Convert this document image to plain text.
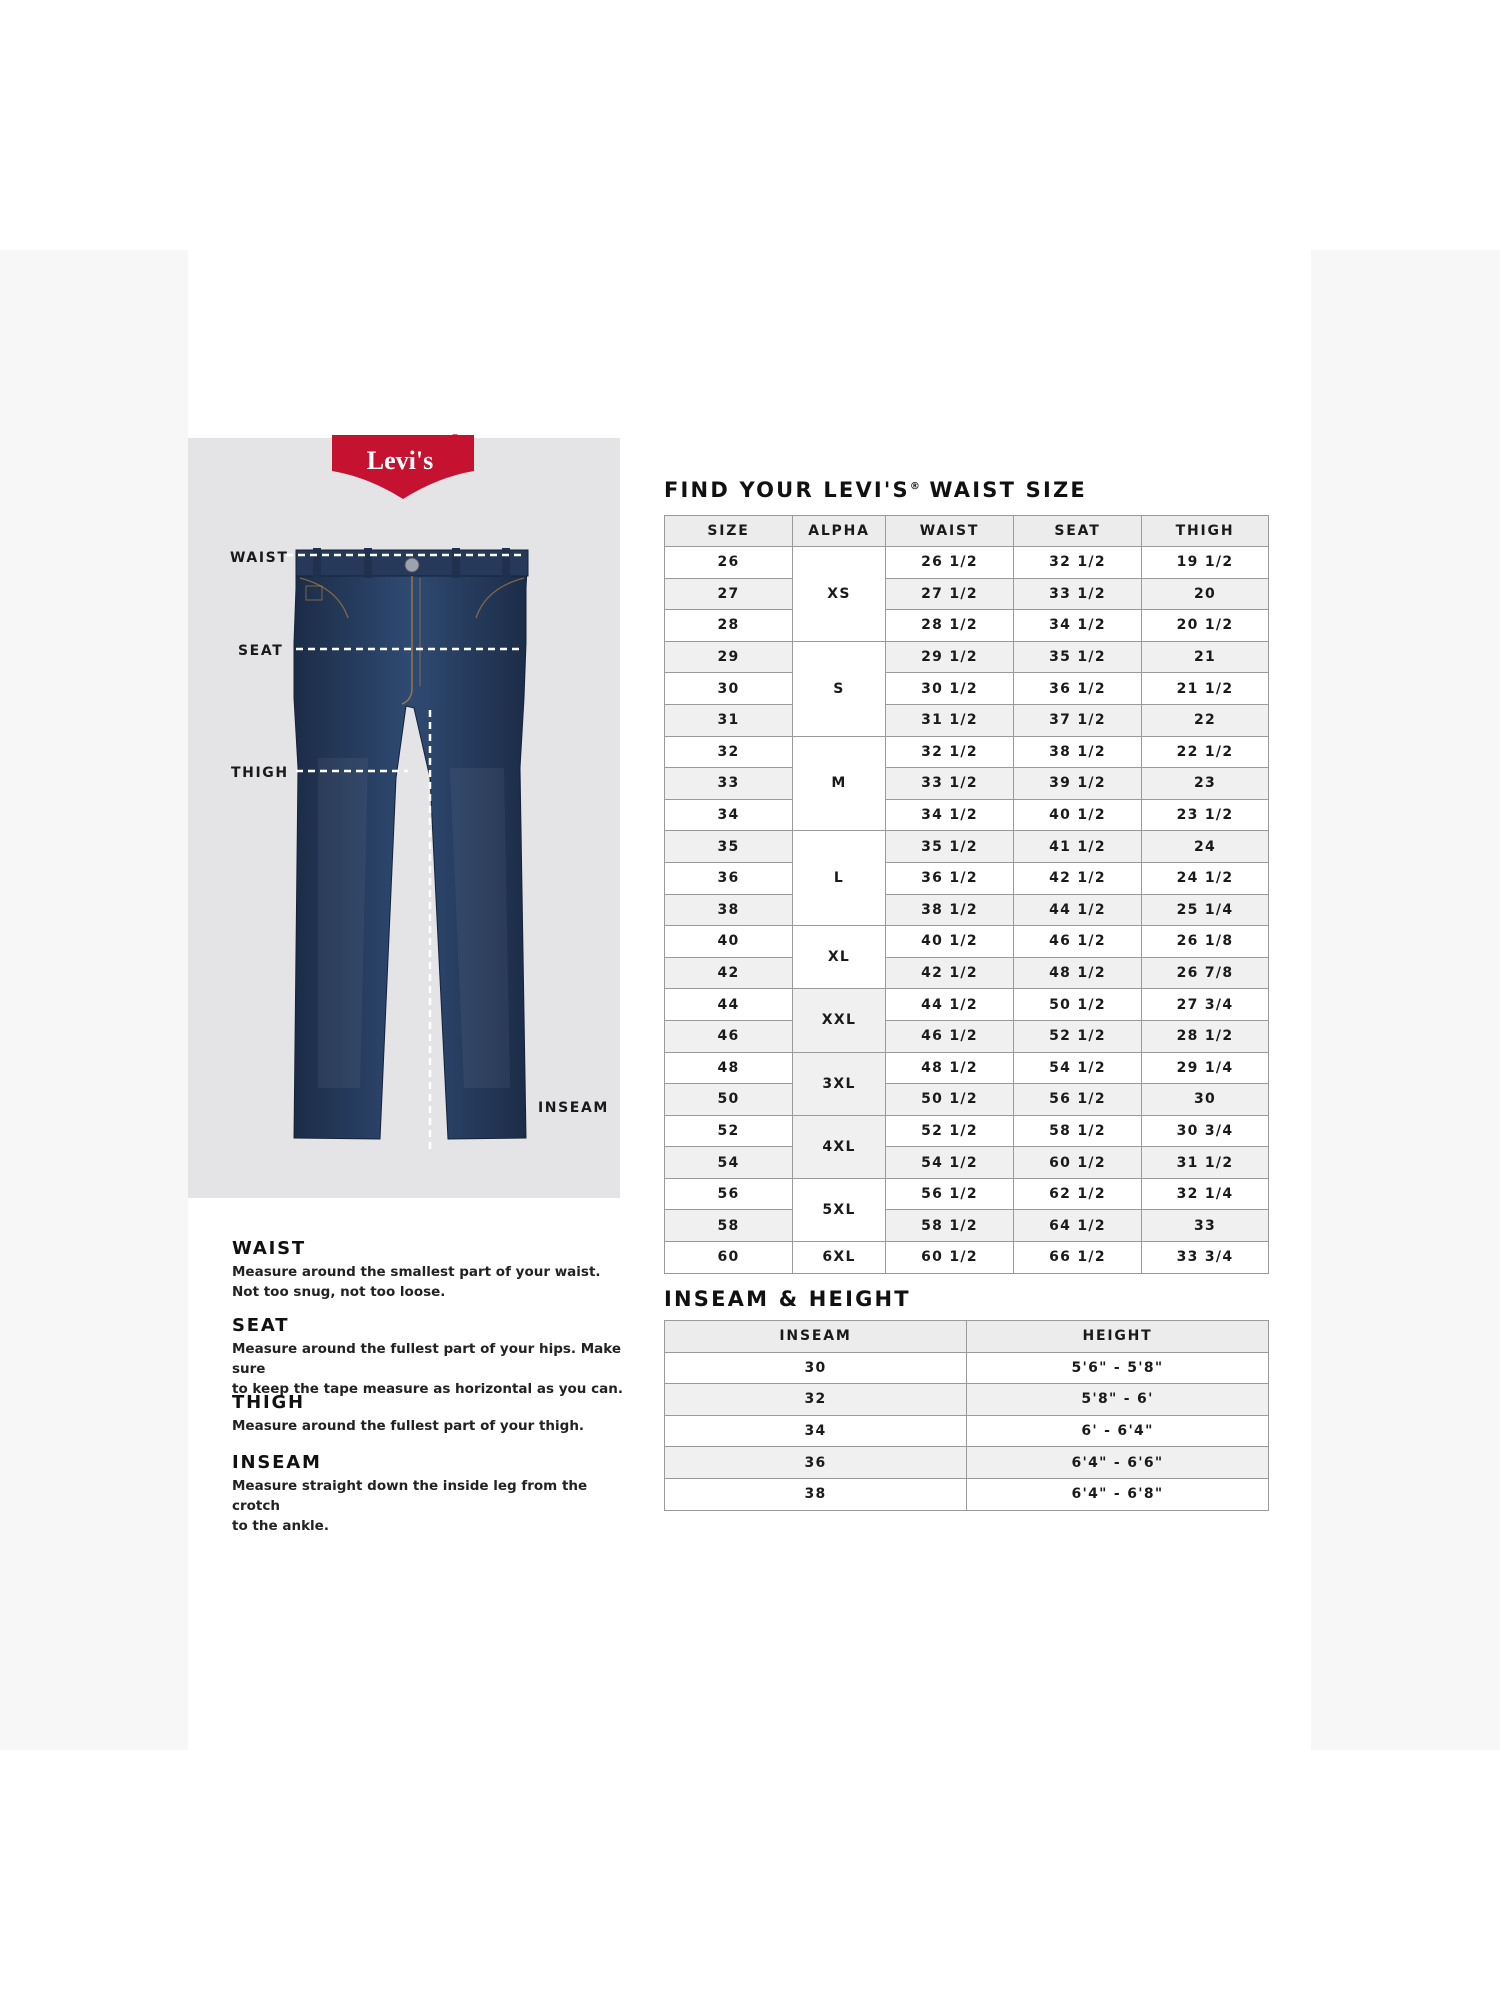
Levi's
®
WAIST
SEAT
THIGH
INSEAM
FIND YOUR LEVI'S® WAIST SIZE
SIZE	ALPHA	WAIST	SEAT	THIGH
26	XS	26 1/2	32 1/2	19 1/2
27		27 1/2	33 1/2	20
28		28 1/2	34 1/2	20 1/2
29	S	29 1/2	35 1/2	21
30		30 1/2	36 1/2	21 1/2
31		31 1/2	37 1/2	22
32	M	32 1/2	38 1/2	22 1/2
33		33 1/2	39 1/2	23
34		34 1/2	40 1/2	23 1/2
35	L	35 1/2	41 1/2	24
36		36 1/2	42 1/2	24 1/2
38		38 1/2	44 1/2	25 1/4
40	XL	40 1/2	46 1/2	26 1/8
42		42 1/2	48 1/2	26 7/8
44	XXL	44 1/2	50 1/2	27 3/4
46		46 1/2	52 1/2	28 1/2
48	3XL	48 1/2	54 1/2	29 1/4
50		50 1/2	56 1/2	30
52	4XL	52 1/2	58 1/2	30 3/4
54		54 1/2	60 1/2	31 1/2
56	5XL	56 1/2	62 1/2	32 1/4
58		58 1/2	64 1/2	33
60	6XL	60 1/2	66 1/2	33 3/4
INSEAM & HEIGHT
INSEAM	HEIGHT
30	5'6" - 5'8"
32	5'8" - 6'
34	6' - 6'4"
36	6'4" - 6'6"
38	6'4" - 6'8"
WAIST

Measure around the smallest part of your waist.

Not too snug, not too loose.

SEAT

Measure around the fullest part of your hips. Make sure

to keep the tape measure as horizontal as you can.

THIGH

Measure around the fullest part of your thigh.

INSEAM

Measure straight down the inside leg from the crotch

to the ankle.
